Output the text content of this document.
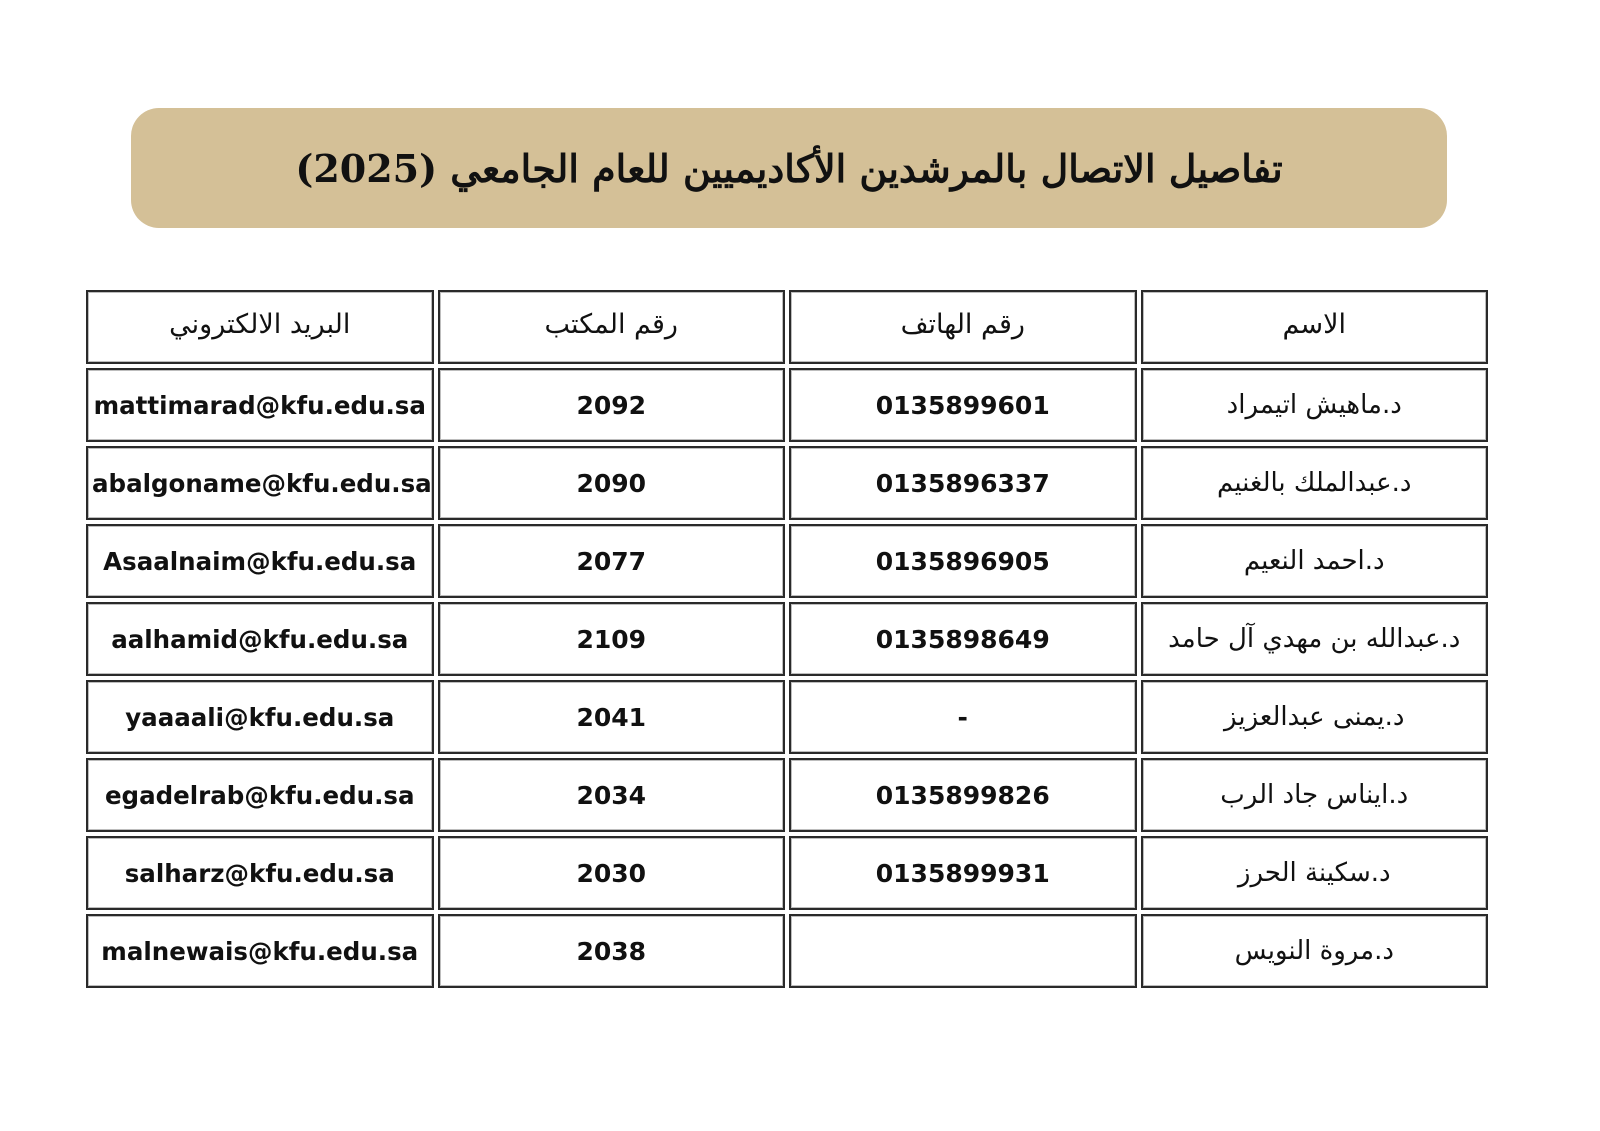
تفاصيل الاتصال بالمرشدين الأكاديميين للعام الجامعي (2025)
الاسم	رقم الهاتف	رقم المكتب	البريد الالكتروني
د.ماهيش اتيمراد	0135899601	2092	mattimarad@kfu.edu.sa
د.عبدالملك بالغنيم	0135896337	2090	abalgoname@kfu.edu.sa
د.احمد النعيم	0135896905	2077	Asaalnaim@kfu.edu.sa
د.عبدالله بن مهدي آل حامد	0135898649	2109	aalhamid@kfu.edu.sa
د.يمنى عبدالعزيز	-	2041	yaaaali@kfu.edu.sa
د.ايناس جاد الرب	0135899826	2034	egadelrab@kfu.edu.sa
د.سكينة الحرز	0135899931	2030	salharz@kfu.edu.sa
د.مروة النويس		2038	malnewais@kfu.edu.sa
